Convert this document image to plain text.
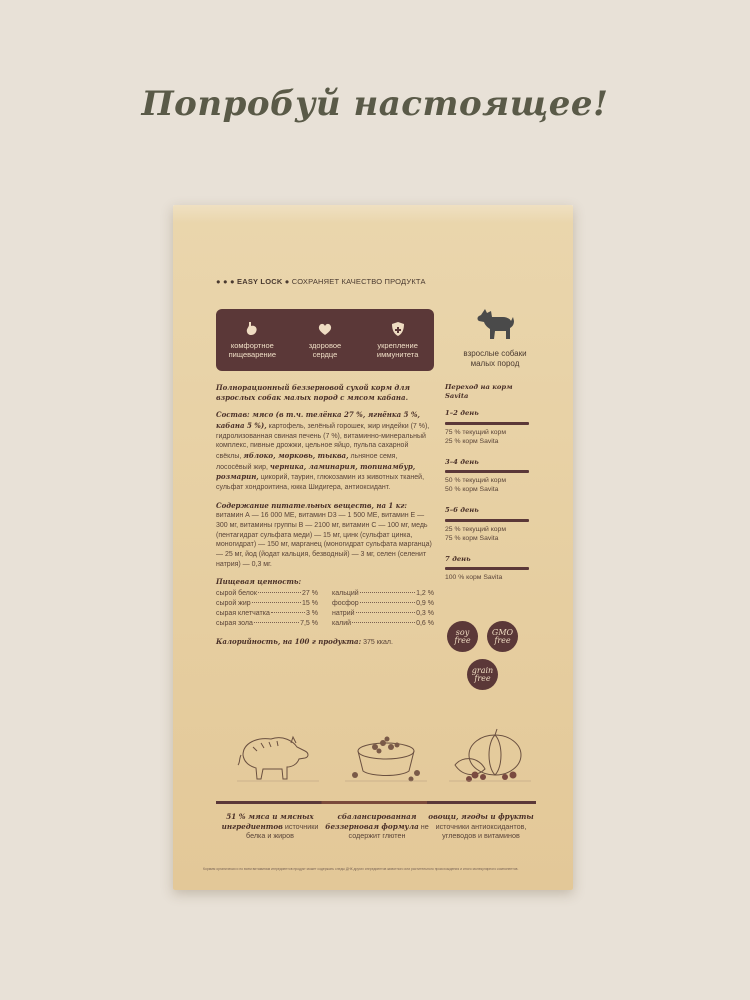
Попробуй настоящее!
● ● ● EASY LOCK ● СОХРАНЯЕТ КАЧЕСТВО ПРОДУКТА
комфортное
пищеварение
здоровое
сердце
укрепление
иммунитета	взрослые собаки
малых пород

Полнорационный беззерновой сухой корм для взрослых собак малых пород с мясом кабана.

Состав: мясо (в т.ч. телёнка 27 %, ягнёнка 5 %, кабана 5 %), картофель, зелёный горошек, жир индейки (7 %), гидролизованная свиная печень (7 %), витаминно-минеральный комплекс, пивные дрожжи, цельное яйцо, пульпа сахарной свёклы, яблоко, морковь, тыква, льняное семя, лососёвый жир, черника, ламинария, топинамбур, розмарин, цикорий, таурин, глюкозамин из животных тканей, сульфат хондроитина, юкка Шидигера, антиоксидант.

Содержание питательных веществ, на 1 кг: витамин А — 16 000 МЕ, витамин D3 — 1 500 МЕ, витамин Е — 300 мг, витамины группы В — 2100 мг, витамин С — 100 мг, медь (пентагидрат сульфата меди) — 15 мг, цинк (сульфат цинка, моногидрат) — 150 мг, марганец (моногидрат сульфата марганца) — 25 мг, йод (йодат кальция, безводный) — 3 мг, селен (селенит натрия) — 0,3 мг.

Пищевая ценность:
сырой белок	27 %
сырой жир	15 %
сырая клетчатка	3 %
сырая зола	7,5 %
кальций	1,2 %
фосфор	0,9 %
натрий	0,3 %
калий	0,6 %
Калорийность, на 100 г продукта: 375 ккал.
Переход на корм Savita
1–2 день
75 % текущий корм
25 % корм Savita
3–4 день
50 % текущий корм
50 % корм Savita
5–6 день
25 % текущий корм
75 % корм Savita
7 день
100 % корм Savita
soy free
GMO free
grain free
51 % мяса и мясных ингредиентов источники белка и жиров
сбалансированная беззерновая формула не содержит глютен
овощи, ягоды и фрукты источники антиоксидантов, углеводов и витаминов
Кормим органически и по всем витаминам ингредиентов продукт может содержать следы ДНК других ингредиентов животного или растительного происхождения и иного молекулярного компонентов.
